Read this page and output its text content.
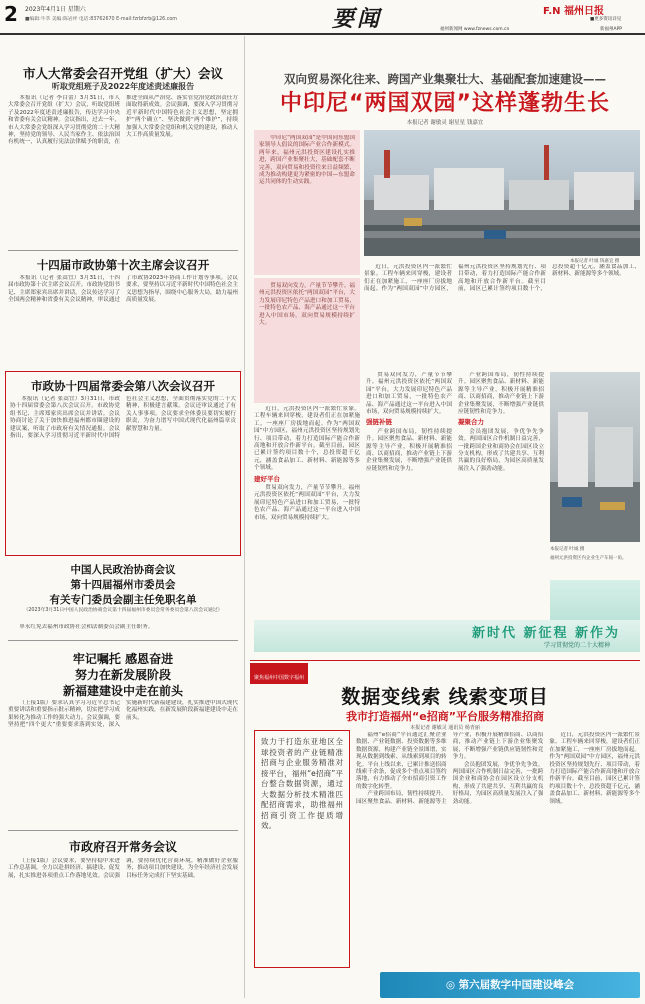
2 2023年4月1日 星期六
■编辑:牛萃 美编:陈岩坪 电话:83762670 E-mail:fzrbfzrb@126.com	要闻	F.N 福州日报
■更多资讯详见
福州新闻网 www.fznews.com.cn	新福州APP
市人大常委会召开党组（扩大）会议
听取党组班子及2022年度述责述廉报告

本报讯（记者 李白蕾）3月31日，市人大常委会召开党组（扩大）会议，听取党组班子及2022年度述责述廉报告，传达学习中央和省委有关会议精神。会议指出，过去一年，市人大常委会党组深入学习贯彻党的二十大精神，坚持党的领导、人民当家作主、依法治国有机统一，认真履行宪法法律赋予的职责，在推进全面从严治党、落实管党治党政治责任方面取得新成效。会议强调，要深入学习贯彻习近平新时代中国特色社会主义思想，坚定拥护“两个确立”、坚决做到“两个维护”，持续加强人大常委会党组和机关党的建设，推动人大工作高质量发展。

十四届市政协第十次主席会议召开

本报讯（记者 张嵩宜）3月31日，十四届市政协第十次主席会议召开。市政协党组书记、主席郑家宾出席并讲话。会议传达学习了全国两会精神和省委有关会议精神，审议通过了市政协2023年协商工作计划等事项。会议要求，要坚持以习近平新时代中国特色社会主义思想为指导，围绕中心服务大局，助力福州高质量发展。

市政协十四届常委会第八次会议召开

本报讯（记者 张嵩宜）3月31日，市政协十四届常委会第八次会议召开。市政协党组书记、主席郑家宾出席会议并讲话。会议协商讨论了关于加快推进福州都市圈建设的建议案，听取了市政府有关情况通报。会议指出，要深入学习贯彻习近平新时代中国特色社会主义思想，全面贯彻落实党的二十大精神，积极建言献策。会议还审议通过了有关人事事项。会议要求全体委员要切实履行职责，为奋力谱写中国式现代化福州篇章贡献智慧和力量。

中国人民政治协商会议
第十四届福州市委员会
有关专门委员会副主任免职名单
（2023年3月31日中国人民政治协商会议第十四届福州市委员会常务委员会第八次会议通过）

单永红免去福州市政协社会和法制委员会副主任职务。

牢记嘱托 感恩奋进
努力在新发展阶段
新福建建设中走在前头

（上接1版）要求认真学习习近平总书记重要讲话和重要指示批示精神，切实把学习成果转化为推动工作的强大动力。会议强调，要坚持把“四个更大”重要要求落到实处，深入实施新时代新福建建设，扎实推进中国式现代化福州实践，在新发展阶段新福建建设中走在前头。

市政府召开常务会议

（上接1版）会议要求，要坚持稳中求进工作总基调，全力以赴拼经济、搞建设、促发展，扎实推进各项重点工作落地见效。会议强调，要持续优化营商环境，精准做好企业服务，推动项目加快建设，为全年经济社会发展目标任务完成打下坚实基础。

双向贸易深化往来、跨国产业集聚壮大、基础配套加速建设——
中印尼“两国双园”这样蓬勃生长
本报记者 谢敏灵 谢星星 钱嘉宜

中印尼“两国双园”是中国同东盟国家领导人倡议的国际产业合作新模式。两年来，福州元洪投资区建设扎实推进，跨国产业集聚壮大，基础配套不断完善，双向贸易和投资往来日益频繁，成为推动构建更为紧密的中国—东盟命运共同体的生动实践。

贸易双向发力，产量节节攀升。福州元洪投资区依托“两国双园”平台，大力发展印尼特色产品进口和加工贸易，一批特色农产品、海产品通过这一平台进入中国市场，双向贸易规模持续扩大。

本报记者 叶诚 钱嘉宜 摄

近日，元洪投资区内一派繁忙景象。工程车辆来回穿梭，建设者们正在加紧施工，一座座厂房拔地而起。作为“两国双园”中方园区，福州元洪投资区坚持规划先行、项目带动，着力打造国际产能合作新高地和开放合作新平台。截至目前，园区已累计签约项目数十个，总投资超千亿元，涵盖食品加工、新材料、新能源等多个领域。

近日，元洪投资区内一派繁忙景象。工程车辆来回穿梭，建设者们正在加紧施工，一座座厂房拔地而起。作为“两国双园”中方园区，福州元洪投资区坚持规划先行、项目带动，着力打造国际产能合作新高地和开放合作新平台。截至目前，园区已累计签约项目数十个，总投资超千亿元，涵盖食品加工、新材料、新能源等多个领域。

建好平台

贸易双向发力，产量节节攀升。福州元洪投资区依托“两国双园”平台，大力发展印尼特色产品进口和加工贸易，一批特色农产品、海产品通过这一平台进入中国市场，双向贸易规模持续扩大。

贸易双向发力，产量节节攀升。福州元洪投资区依托“两国双园”平台，大力发展印尼特色产品进口和加工贸易，一批特色农产品、海产品通过这一平台进入中国市场，双向贸易规模持续扩大。

强链补链

产业跨国布局，韧性持续提升。园区聚焦食品、新材料、新能源等主导产业，积极开展精准招商、以商招商，推动产业链上下游企业集聚发展，不断增强产业链供应链韧性和竞争力。

产业跨国布局，韧性持续提升。园区聚焦食品、新材料、新能源等主导产业，积极开展精准招商、以商招商，推动产业链上下游企业集聚发展，不断增强产业链供应链韧性和竞争力。

凝聚合力

会员抱团发展，争优争先争效。两国园区合作机制日益完善，一批跨国企业和商协会在园区设立分支机构，形成了共建共享、互利共赢的良好格局，为园区高质量发展注入了强劲动能。

本报记者 叶诚 摄
福州元洪投资区内企业生产车间一角。
新时代 新征程 新作为
学习贯彻党的二十大精神
聚焦福州中国数字福州
数据变线索 线索变项目
我市打造福州“e招商”平台服务精准招商
本报记者 谢敏灵 通讯员 杨青丽
致力于打造东亚地区全球投资者的产业链精准招商与企业服务精准对接平台，福州“e招商”平台整合数据资源，通过大数据分析技术精准匹配招商需求，助推福州招商引资工作提质增效。

福州“e招商”平台通过汇聚企业数据、产业链数据、投资数据等多维数据资源，构建产业链全景图谱，实现从数据到线索、从线索到项目的转化。平台上线以来，已累计推送招商线索千余条，促成多个重点项目签约落地，有力推动了全市招商引资工作的数字化转型。

产业跨国布局，韧性持续提升。园区聚焦食品、新材料、新能源等主导产业，积极开展精准招商、以商招商，推动产业链上下游企业集聚发展，不断增强产业链供应链韧性和竞争力。

会员抱团发展，争优争先争效。两国园区合作机制日益完善，一批跨国企业和商协会在园区设立分支机构，形成了共建共享、互利共赢的良好格局，为园区高质量发展注入了强劲动能。

近日，元洪投资区内一派繁忙景象。工程车辆来回穿梭，建设者们正在加紧施工，一座座厂房拔地而起。作为“两国双园”中方园区，福州元洪投资区坚持规划先行、项目带动，着力打造国际产能合作新高地和开放合作新平台。截至目前，园区已累计签约项目数十个，总投资超千亿元，涵盖食品加工、新材料、新能源等多个领域。

◎ 第六届数字中国建设峰会
